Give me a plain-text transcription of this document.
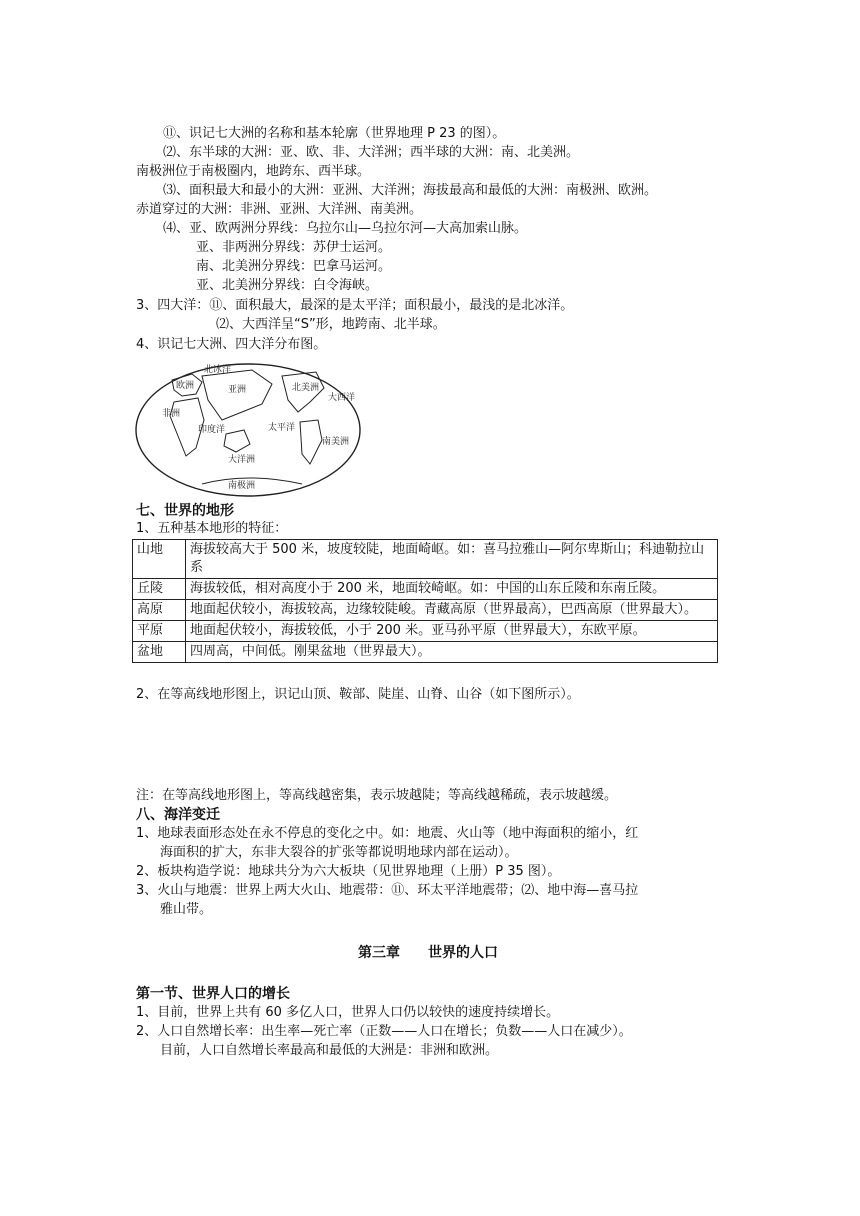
⑪、识记七大洲的名称和基本轮廓（世界地理 P 23 的图）。
⑵、东半球的大洲：亚、欧、非、大洋洲；西半球的大洲：南、北美洲。
南极洲位于南极圈内，地跨东、西半球。
⑶、面积最大和最小的大洲：亚洲、大洋洲；海拔最高和最低的大洲：南极洲、欧洲。
赤道穿过的大洲：非洲、亚洲、大洋洲、南美洲。
⑷、亚、欧两洲分界线：乌拉尔山—乌拉尔河—大高加索山脉。
亚、非两洲分界线：苏伊士运河。
南、北美洲分界线：巴拿马运河。
亚、北美洲分界线：白令海峡。
3、四大洋：⑪、面积最大，最深的是太平洋；面积最小，最浅的是北冰洋。
⑵、大西洋呈“S”形，地跨南、北半球。
4、识记七大洲、四大洋分布图。
北冰洋
欧洲	亚洲	北美洲
大西洋
非洲
印度洋	太平洋
南美洲
大洋洲
南极洲
七、世界的地形
1、五种基本地形的特征：
山地	海拔较高大于 500 米，坡度较陡，地面崎岖。如：喜马拉雅山—阿尔卑斯山；科迪勒拉山系
丘陵	海拔较低，相对高度小于 200 米，地面较崎岖。如：中国的山东丘陵和东南丘陵。
高原	地面起伏较小，海拔较高，边缘较陡峻。青藏高原（世界最高），巴西高原（世界最大）。
平原	地面起伏较小，海拔较低，小于 200 米。亚马孙平原（世界最大），东欧平原。
盆地	四周高，中间低。刚果盆地（世界最大）。
2、在等高线地形图上，识记山顶、鞍部、陡崖、山脊、山谷（如下图所示）。
注：在等高线地形图上，等高线越密集，表示坡越陡；等高线越稀疏，表示坡越缓。
八、海洋变迁
1、地球表面形态处在永不停息的变化之中。如：地震、火山等（地中海面积的缩小，红
海面积的扩大，东非大裂谷的扩张等都说明地球内部在运动）。
2、板块构造学说：地球共分为六大板块（见世界地理（上册）P 35 图）。
3、火山与地震：世界上两大火山、地震带：⑪、环太平洋地震带；⑵、地中海—喜马拉
雅山带。
第三章　　世界的人口
第一节、世界人口的增长
1、目前，世界上共有 60 多亿人口，世界人口仍以较快的速度持续增长。
2、人口自然增长率：出生率—死亡率（正数——人口在增长；负数——人口在减少）。
目前，人口自然增长率最高和最低的大洲是：非洲和欧洲。
